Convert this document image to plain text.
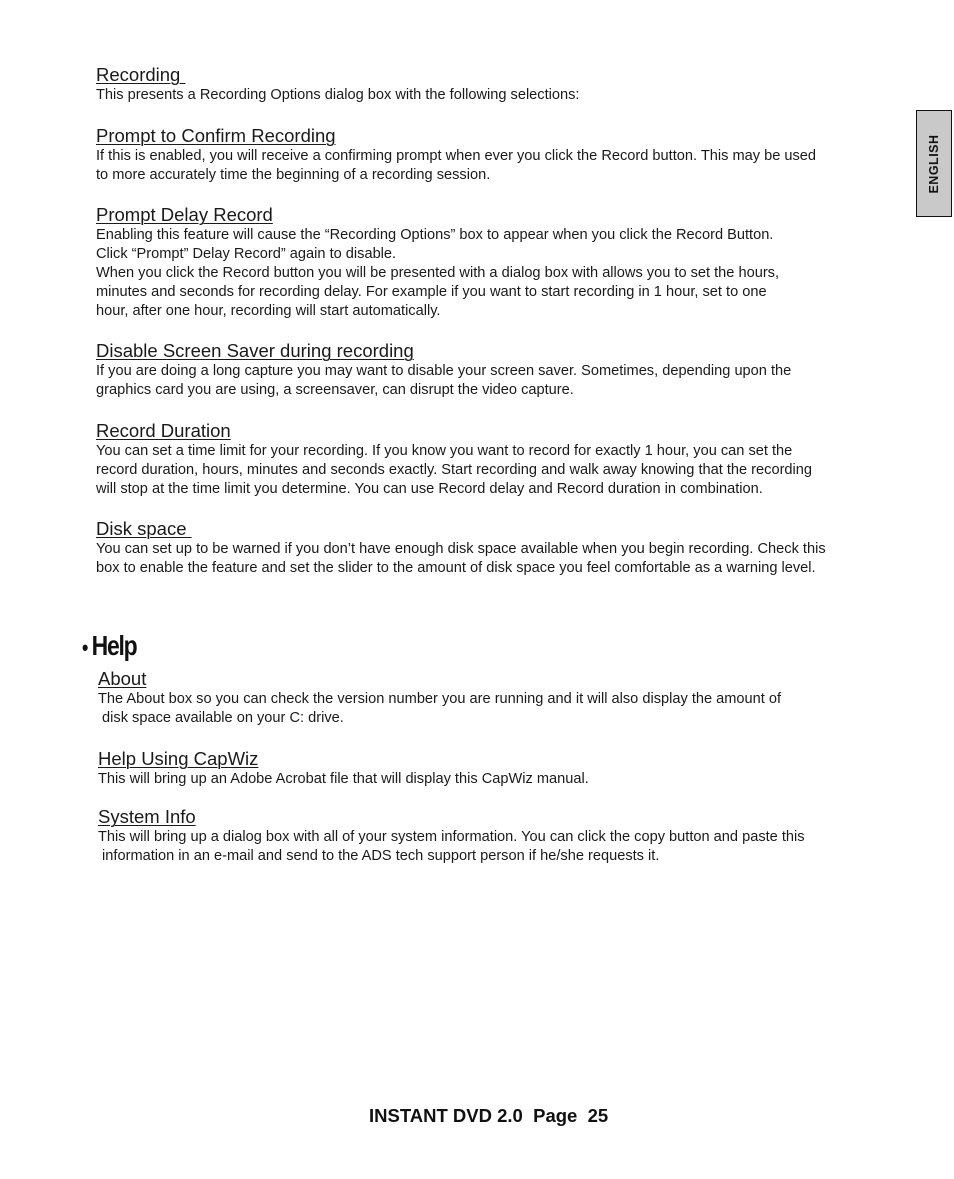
Recording

This presents a Recording Options dialog box with the following selections:

Prompt to Confirm Recording

If this is enabled, you will receive a confirming prompt when ever you click the Record button. This may be used

to more accurately time the beginning of a recording session.

Prompt Delay Record

Enabling this feature will cause the “Recording Options” box to appear when you click the Record Button.

Click “Prompt” Delay Record” again to disable.

When you click the Record button you will be presented with a dialog box with allows you to set the hours,

minutes and seconds for recording delay. For example if you want to start recording in 1 hour, set to one

hour, after one hour, recording will start automatically.

Disable Screen Saver during recording

If you are doing a long capture you may want to disable your screen saver. Sometimes, depending upon the

graphics card you are using, a screensaver, can disrupt the video capture.

Record Duration

You can set a time limit for your recording. If you know you want to record for exactly 1 hour, you can set the

record duration, hours, minutes and seconds exactly. Start recording and walk away knowing that the recording

will stop at the time limit you determine. You can use Record delay and Record duration in combination.

Disk space

You can set up to be warned if you don’t have enough disk space available when you begin recording. Check this

box to enable the feature and set the slider to the amount of disk space you feel comfortable as a warning level.

• Help
About

The About box so you can check the version number you are running and it will also display the amount of

disk space available on your C: drive.

Help Using CapWiz

This will bring up an Adobe Acrobat file that will display this CapWiz manual.

System Info

This will bring up a dialog box with all of your system information. You can click the copy button and paste this

information in an e-mail and send to the ADS tech support person if he/she requests it.

ENGLISH
INSTANT DVD 2.0  Page  25
